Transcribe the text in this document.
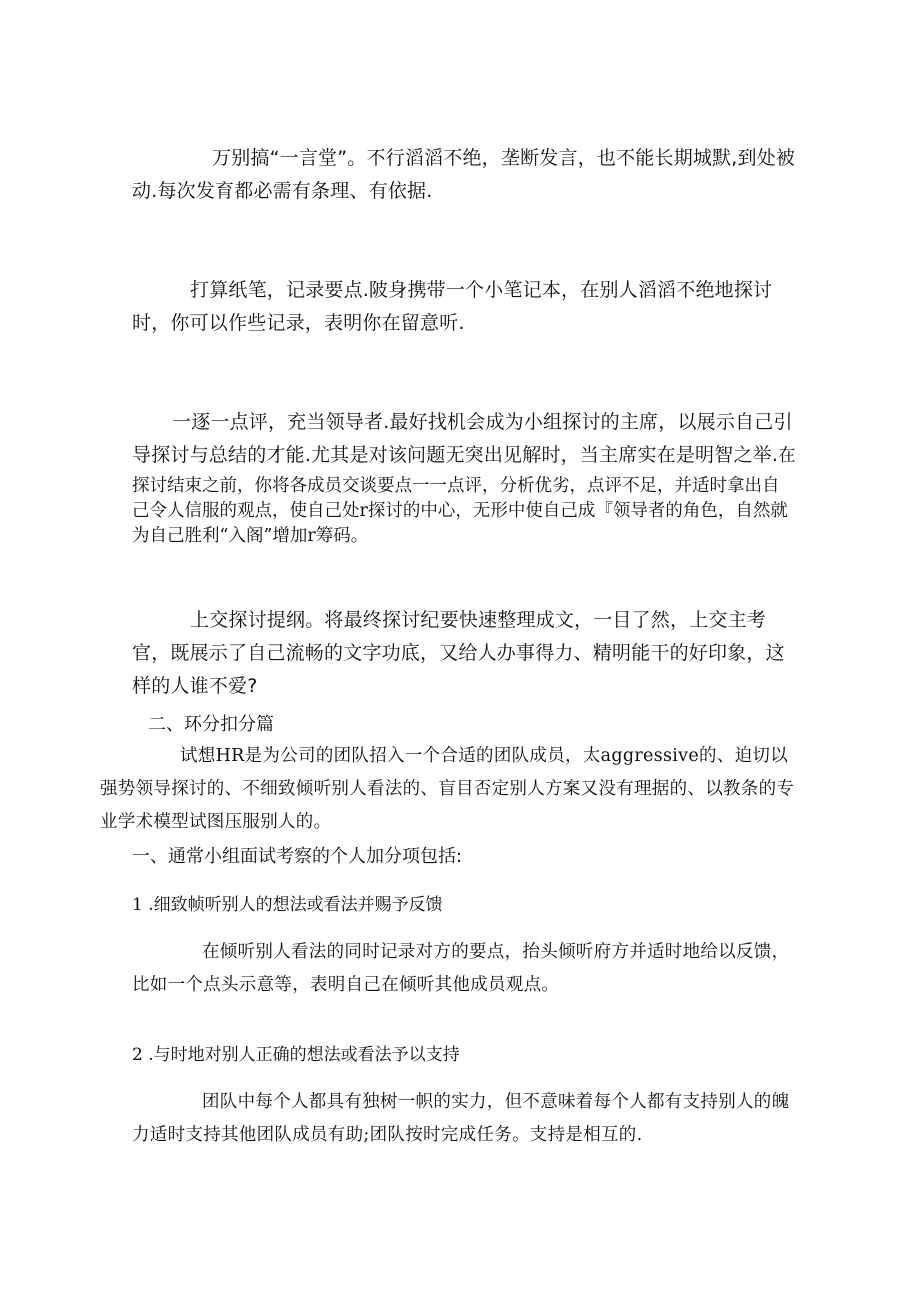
万别搞“一言堂”。不行滔滔不绝，垄断发言，也不能长期城默,到处被动.每次发育都必需有条理、有依据.

打算纸笔，记录要点.陂身携带一个小笔记本，在别人滔滔不绝地探讨时，你可以作些记录，表明你在留意听.

一逐一点评，充当领导者.最好找机会成为小组探讨的主席，以展示自己引导探讨与总结的才能.尤其是对该问题无突出见解时，当主席实在是明智之举.在探讨结束之前，你将各成员交谈要点一一点评，分析优劣，点评不足，并适时拿出自己令人信服的观点，使自己处r探讨的中心，无形中使自己成『领导者的角色，自然就为自己胜利“入阁”增加r筹码。

上交探讨提纲。将最终探讨纪要快速整理成文，一目了然，上交主考官，既展示了自己流畅的文字功底，又给人办事得力、精明能干的好印象，这样的人谁不爱?

二、环分扣分篇

试想HR是为公司的团队招入一个合适的团队成员，太aggressive的、迫切以强势领导探讨的、不细致倾听别人看法的、盲目否定别人方案又没有理据的、以教条的专业学术模型试图压服别人的。

一、通常小组面试考察的个人加分项包括:
1 .细致帧听别人的想法或看法并赐予反馈

在倾听别人看法的同时记录对方的要点，抬头倾听府方并适时地给以反馈，比如一个点头示意等，表明自己在倾听其他成员观点。

2 .与时地对别人正确的想法或看法予以支持

团队中每个人都具有独树一帜的实力，但不意味着每个人都有支持别人的魄力适时支持其他团队成员有助;团队按时完成任务。支持是相互的.
